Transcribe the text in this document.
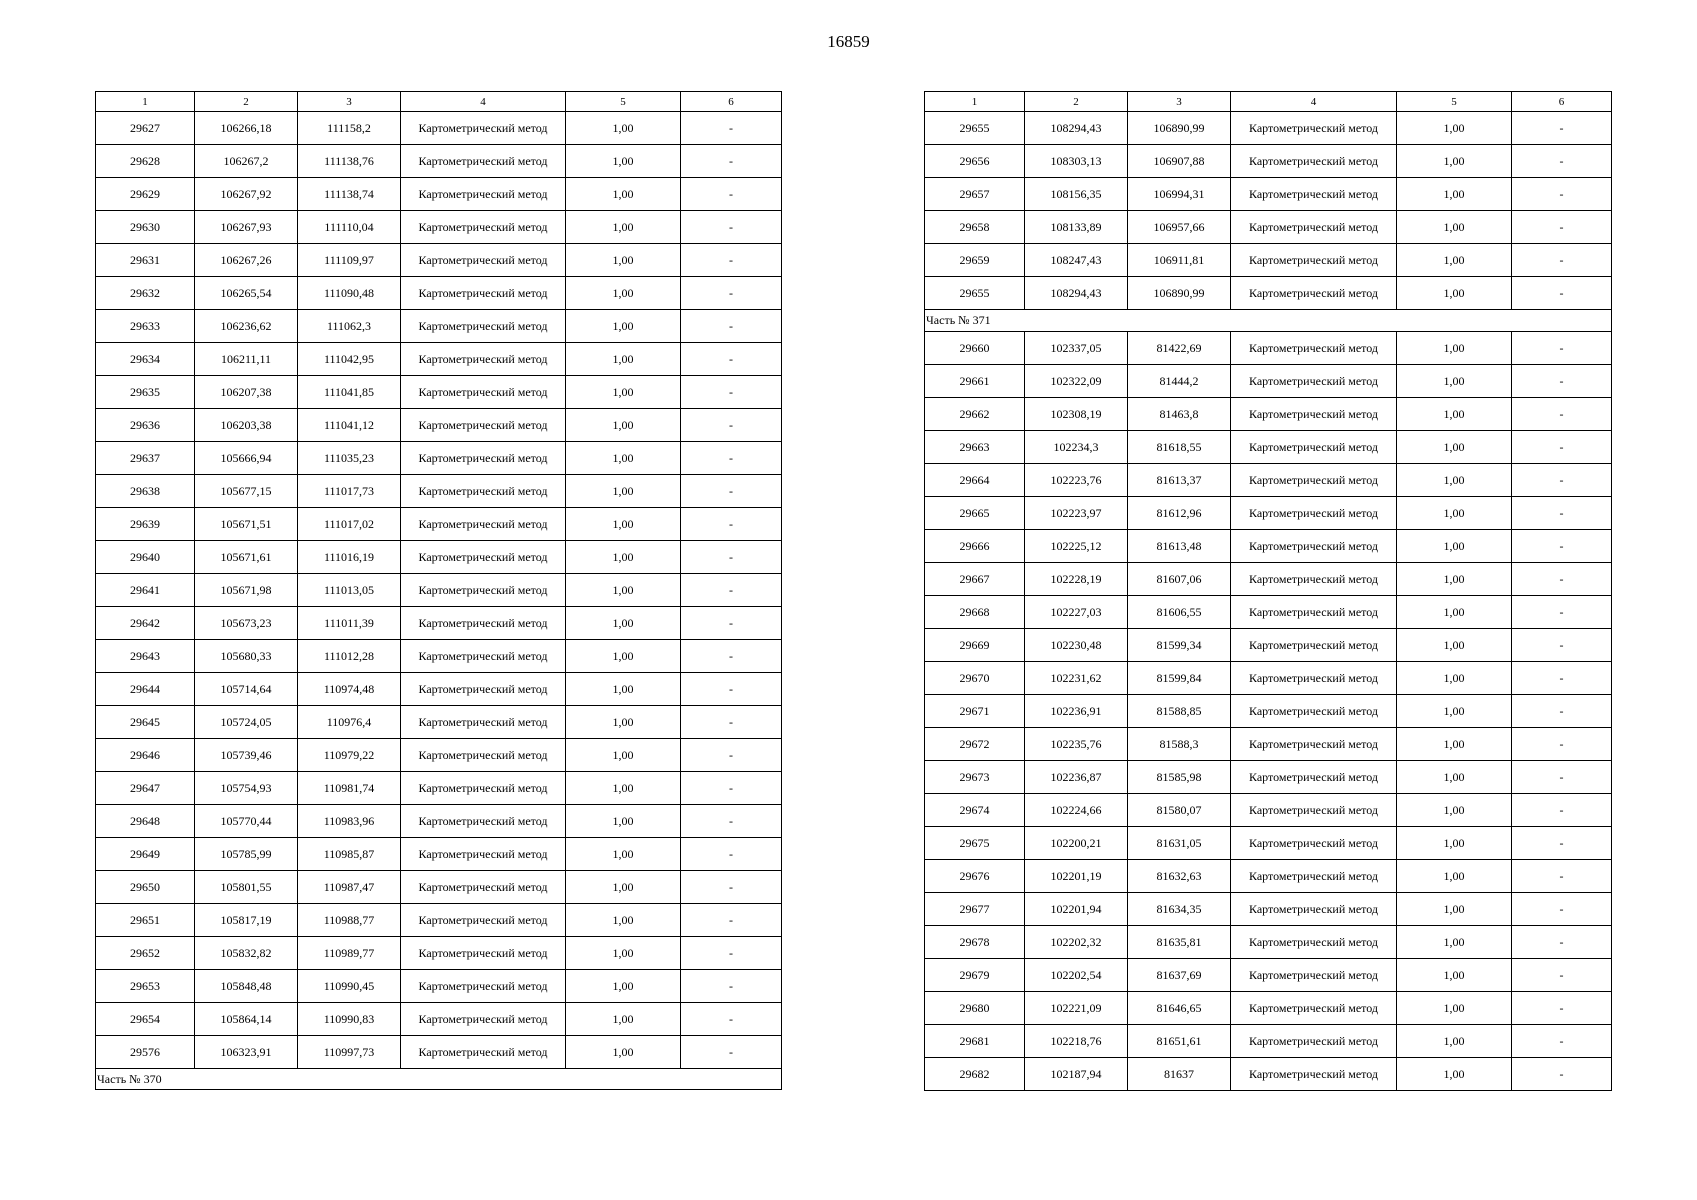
16859
1	2	3	4	5	6
29627	106266,18	111158,2	Картометрический метод	1,00	-
29628	106267,2	111138,76	Картометрический метод	1,00	-
29629	106267,92	111138,74	Картометрический метод	1,00	-
29630	106267,93	111110,04	Картометрический метод	1,00	-
29631	106267,26	111109,97	Картометрический метод	1,00	-
29632	106265,54	111090,48	Картометрический метод	1,00	-
29633	106236,62	111062,3	Картометрический метод	1,00	-
29634	106211,11	111042,95	Картометрический метод	1,00	-
29635	106207,38	111041,85	Картометрический метод	1,00	-
29636	106203,38	111041,12	Картометрический метод	1,00	-
29637	105666,94	111035,23	Картометрический метод	1,00	-
29638	105677,15	111017,73	Картометрический метод	1,00	-
29639	105671,51	111017,02	Картометрический метод	1,00	-
29640	105671,61	111016,19	Картометрический метод	1,00	-
29641	105671,98	111013,05	Картометрический метод	1,00	-
29642	105673,23	111011,39	Картометрический метод	1,00	-
29643	105680,33	111012,28	Картометрический метод	1,00	-
29644	105714,64	110974,48	Картометрический метод	1,00	-
29645	105724,05	110976,4	Картометрический метод	1,00	-
29646	105739,46	110979,22	Картометрический метод	1,00	-
29647	105754,93	110981,74	Картометрический метод	1,00	-
29648	105770,44	110983,96	Картометрический метод	1,00	-
29649	105785,99	110985,87	Картометрический метод	1,00	-
29650	105801,55	110987,47	Картометрический метод	1,00	-
29651	105817,19	110988,77	Картометрический метод	1,00	-
29652	105832,82	110989,77	Картометрический метод	1,00	-
29653	105848,48	110990,45	Картометрический метод	1,00	-
29654	105864,14	110990,83	Картометрический метод	1,00	-
29576	106323,91	110997,73	Картометрический метод	1,00	-
Часть № 370					
1	2	3	4	5	6
29655	108294,43	106890,99	Картометрический метод	1,00	-
29656	108303,13	106907,88	Картометрический метод	1,00	-
29657	108156,35	106994,31	Картометрический метод	1,00	-
29658	108133,89	106957,66	Картометрический метод	1,00	-
29659	108247,43	106911,81	Картометрический метод	1,00	-
29655	108294,43	106890,99	Картометрический метод	1,00	-
Часть № 371					
29660	102337,05	81422,69	Картометрический метод	1,00	-
29661	102322,09	81444,2	Картометрический метод	1,00	-
29662	102308,19	81463,8	Картометрический метод	1,00	-
29663	102234,3	81618,55	Картометрический метод	1,00	-
29664	102223,76	81613,37	Картометрический метод	1,00	-
29665	102223,97	81612,96	Картометрический метод	1,00	-
29666	102225,12	81613,48	Картометрический метод	1,00	-
29667	102228,19	81607,06	Картометрический метод	1,00	-
29668	102227,03	81606,55	Картометрический метод	1,00	-
29669	102230,48	81599,34	Картометрический метод	1,00	-
29670	102231,62	81599,84	Картометрический метод	1,00	-
29671	102236,91	81588,85	Картометрический метод	1,00	-
29672	102235,76	81588,3	Картометрический метод	1,00	-
29673	102236,87	81585,98	Картометрический метод	1,00	-
29674	102224,66	81580,07	Картометрический метод	1,00	-
29675	102200,21	81631,05	Картометрический метод	1,00	-
29676	102201,19	81632,63	Картометрический метод	1,00	-
29677	102201,94	81634,35	Картометрический метод	1,00	-
29678	102202,32	81635,81	Картометрический метод	1,00	-
29679	102202,54	81637,69	Картометрический метод	1,00	-
29680	102221,09	81646,65	Картометрический метод	1,00	-
29681	102218,76	81651,61	Картометрический метод	1,00	-
29682	102187,94	81637	Картометрический метод	1,00	-
